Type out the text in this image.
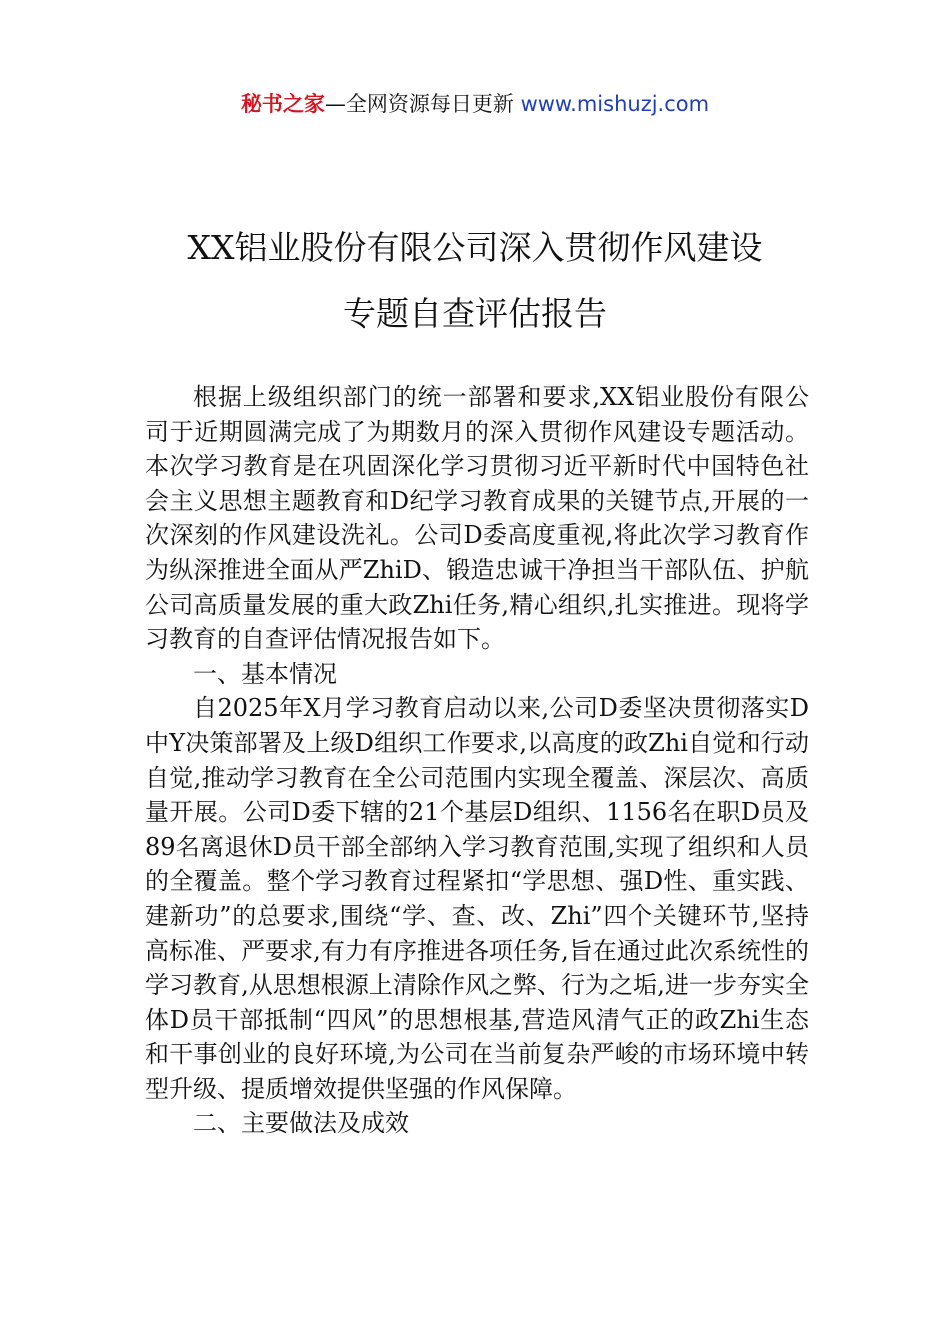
秘书之家—全网资源每日更新 www.mishuzj.com
XX铝业股份有限公司深入贯彻作风建设
专题自查评估报告

根据上级组织部门的统一部署和要求,XX铝业股份有限公司于近期圆满完成了为期数月的深入贯彻作风建设专题活动。本次学习教育是在巩固深化学习贯彻习近平新时代中国特色社会主义思想主题教育和D纪学习教育成果的关键节点,开展的一次深刻的作风建设洗礼。公司D委高度重视,将此次学习教育作为纵深推进全面从严ZhiD、锻造忠诚干净担当干部队伍、护航公司高质量发展的重大政Zhi任务,精心组织,扎实推进。现将学习教育的自查评估情况报告如下。

一、基本情况

自2025年X月学习教育启动以来,公司D委坚决贯彻落实D中Y决策部署及上级D组织工作要求,以高度的政Zhi自觉和行动自觉,推动学习教育在全公司范围内实现全覆盖、深层次、高质量开展。公司D委下辖的21个基层D组织、1156名在职D员及89名离退休D员干部全部纳入学习教育范围,实现了组织和人员的全覆盖。整个学习教育过程紧扣“学思想、强D性、重实践、建新功”的总要求,围绕“学、查、改、Zhi”四个关键环节,坚持高标准、严要求,有力有序推进各项任务,旨在通过此次系统性的学习教育,从思想根源上清除作风之弊、行为之垢,进一步夯实全体D员干部抵制“四风”的思想根基,营造风清气正的政Zhi生态和干事创业的良好环境,为公司在当前复杂严峻的市场环境中转型升级、提质增效提供坚强的作风保障。

二、主要做法及成效
